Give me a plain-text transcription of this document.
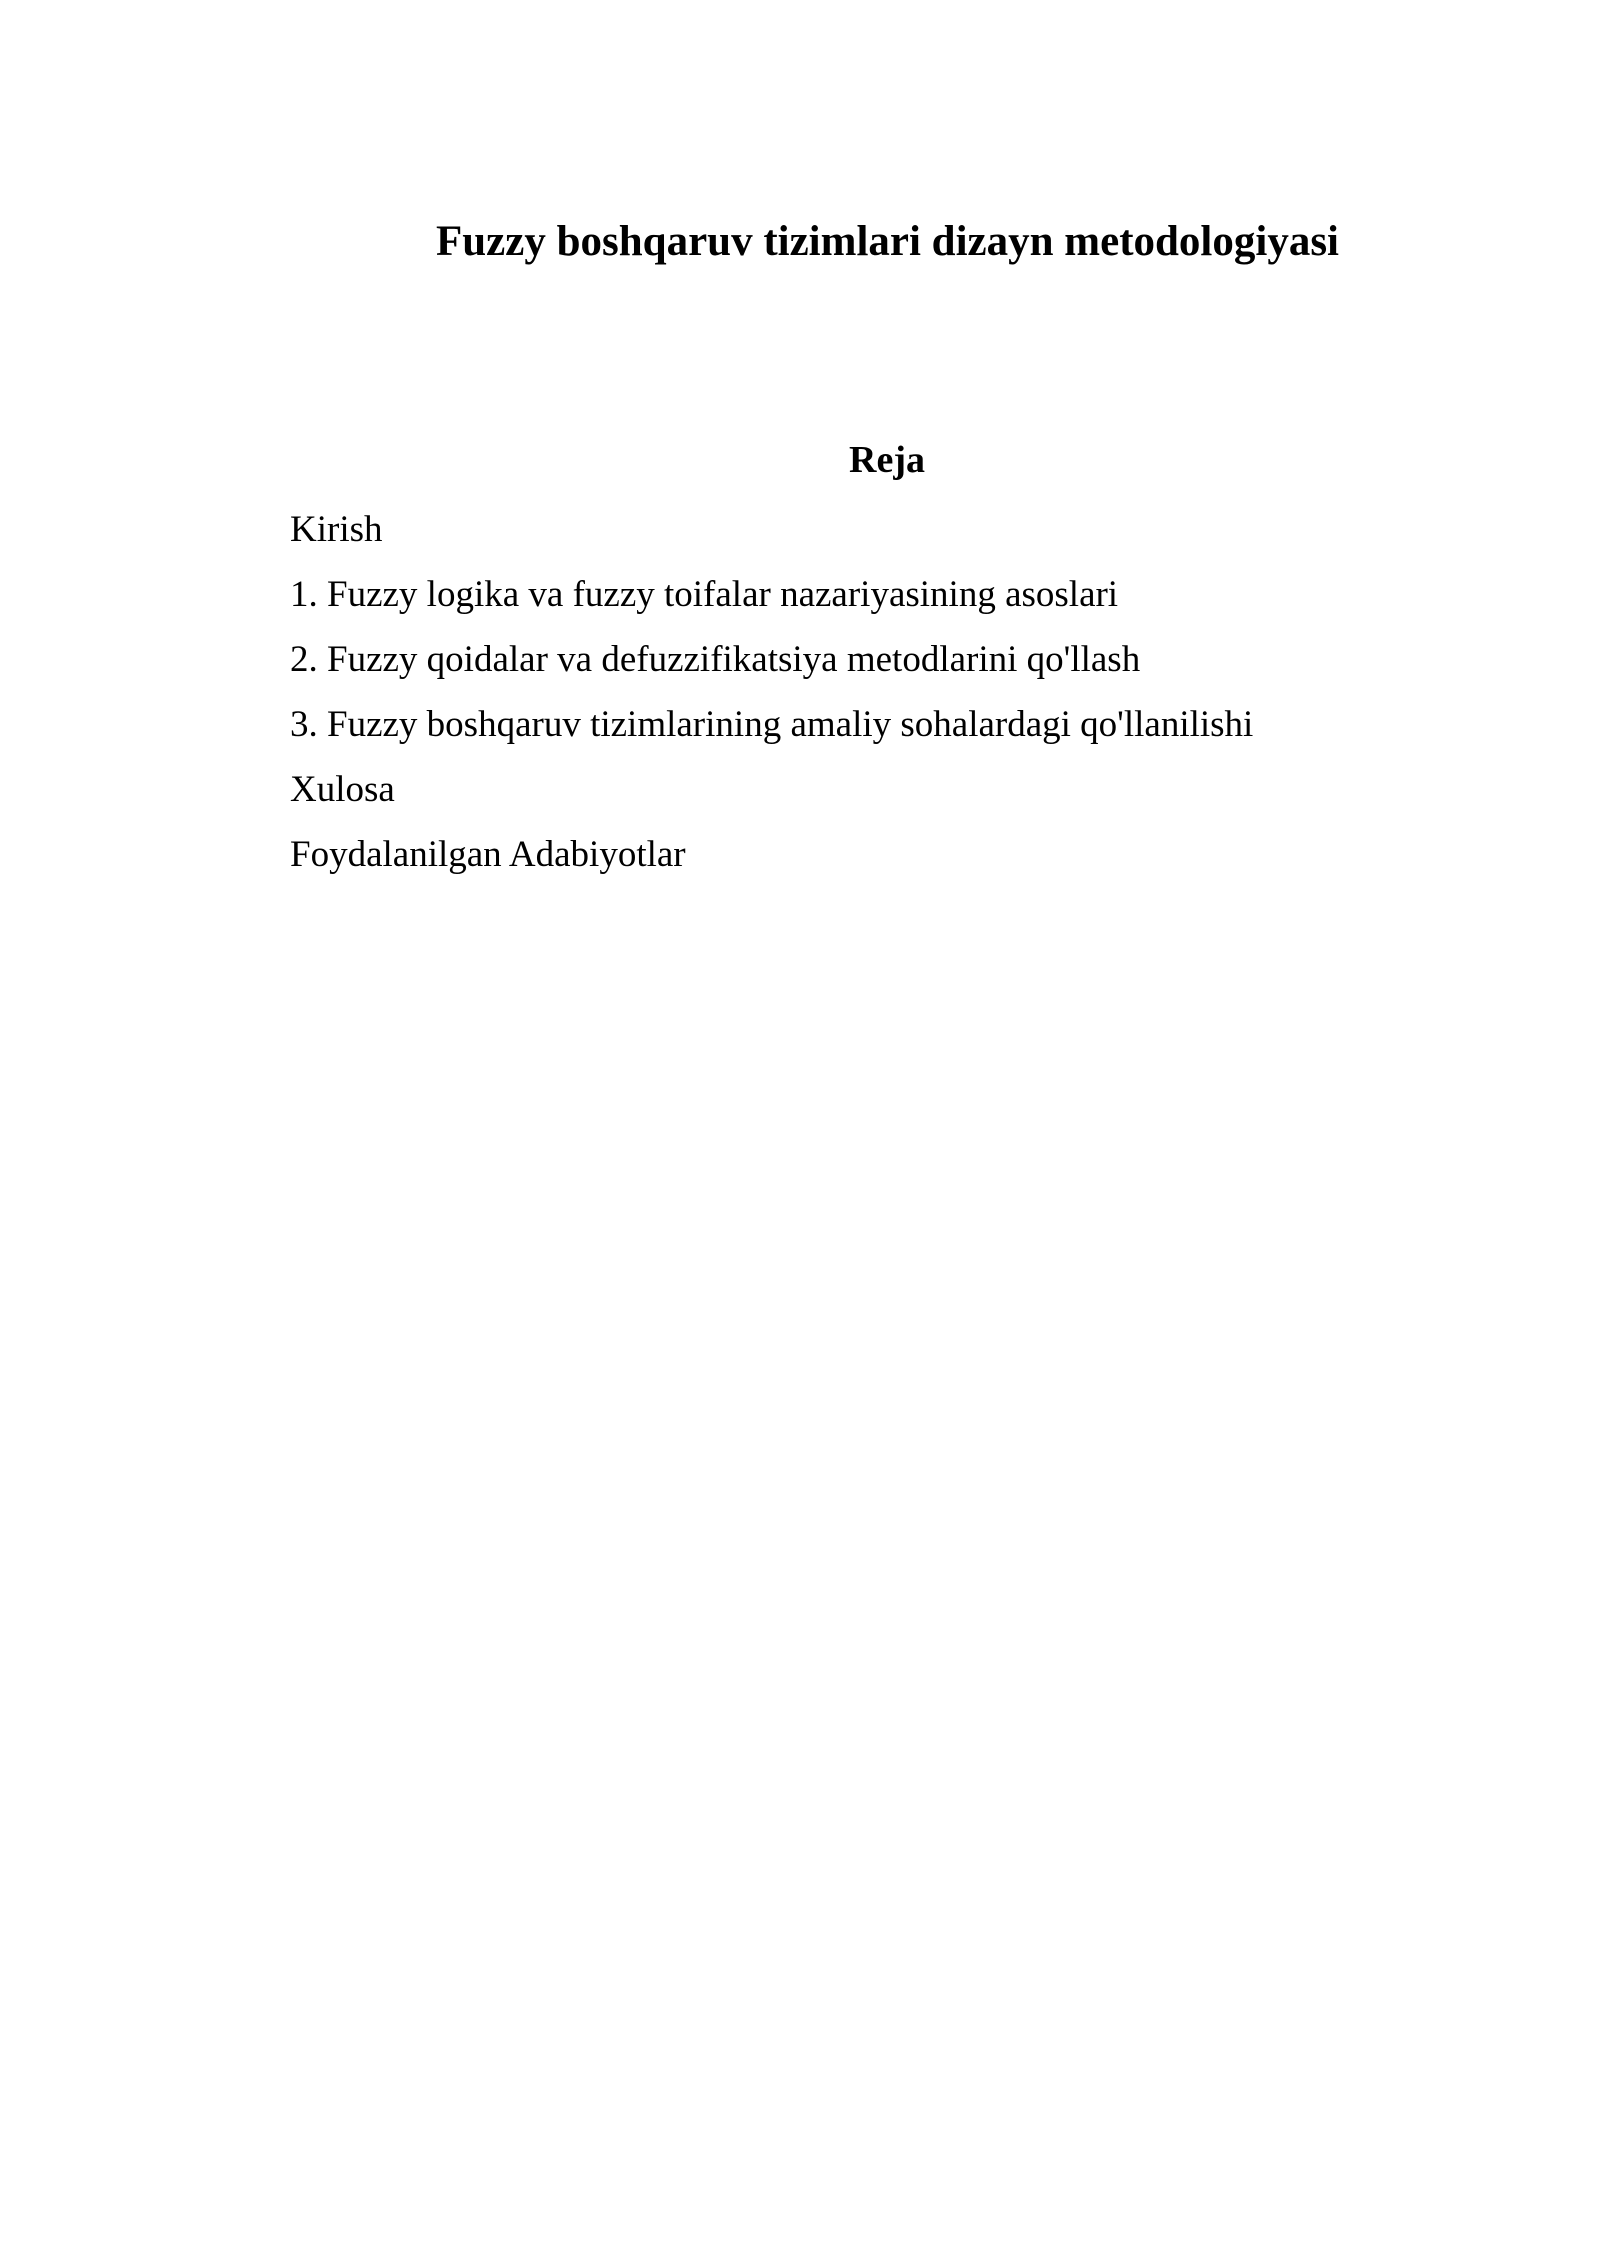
Fuzzy boshqaruv tizimlari dizayn metodologiyasi
Reja
Kirish
1. Fuzzy logika va fuzzy toifalar nazariyasining asoslari
2. Fuzzy qoidalar va defuzzifikatsiya metodlarini qo'llash
3. Fuzzy boshqaruv tizimlarining amaliy sohalardagi qo'llanilishi
Xulosa
Foydalanilgan Adabiyotlar
